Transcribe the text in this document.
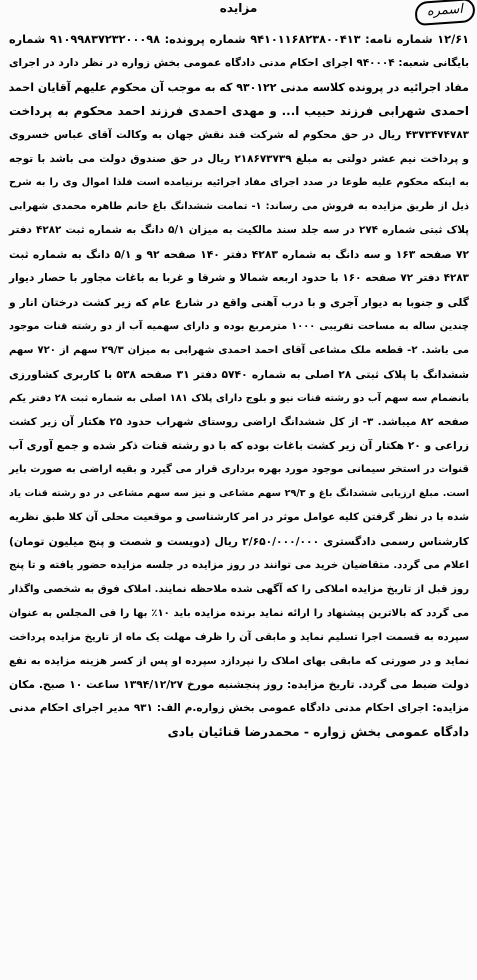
مزایده	اسمره
۱۲/۶۱ شماره نامه: ۹۴۱۰۱۱۶۸۲۳۸۰۰۴۱۳ شماره پرونده: ۹۱۰۹۹۸۳۷۲۳۲۰۰۰۹۸ شماره
بایگانی شعبه: ۹۴۰۰۰۴ اجرای احکام مدنی دادگاه عمومی بخش زواره در نظر دارد در اجرای
مفاد اجرائیه در پرونده کلاسه مدنی ۹۳۰۱۲۲ که به موجب آن محکوم علیهم آقایان احمد
احمدی شهرابی فرزند حبیب ا... و مهدی احمدی فرزند احمد محکوم به پرداخت
۴۳۷۳۴۷۴۷۸۳ ریال در حق محکوم له شرکت قند نقش جهان به وکالت آقای عباس خسروی
و پرداخت نیم عشر دولتی به مبلغ ۲۱۸۶۷۳۷۳۹ ریال در حق صندوق دولت می باشد با توجه
به اینکه محکوم علیه طوعا در صدد اجرای مفاد اجرائیه برنیامده است فلذا اموال وی را به شرح
ذیل از طریق مزایده به فروش می رساند: ۱- تمامت ششدانگ باغ خانم طاهره محمدی شهرابی
پلاک ثبتی شماره ۲۷۴ در سه جلد سند مالکیت به میزان ۵/۱ دانگ به شماره ثبت ۴۲۸۲ دفتر
۷۲ صفحه ۱۶۳ و سه دانگ به شماره ۴۲۸۳ دفتر ۱۴۰ صفحه ۹۲ و ۵/۱ دانگ به شماره ثبت
۴۲۸۳ دفتر ۷۲ صفحه ۱۶۰ با حدود اربعه شمالا و شرقا و غربا به باغات مجاور با حصار دیوار
گلی و جنوبا به دیوار آجری و با درب آهنی واقع در شارع عام که زیر کشت درختان انار و
چندین ساله به مساحت تقریبی ۱۰۰۰ مترمربع بوده و دارای سهمیه آب از دو رشته قنات موجود
می باشد. ۲- قطعه ملک مشاعی آقای احمد احمدی شهرابی به میزان ۲۹/۳ سهم از ۷۲۰ سهم
ششدانگ با پلاک ثبتی ۲۸ اصلی به شماره ۵۷۴۰ دفتر ۳۱ صفحه ۵۳۸ با کاربری کشاورزی
بانضمام سه سهم آب دو رشته قنات نیو و بلوج دارای پلاک ۱۸۱ اصلی به شماره ثبت ۲۸ دفتر یکم
صفحه ۸۲ میباشد. ۳- از کل ششدانگ اراضی روستای شهراب حدود ۲۵ هکتار آن زیر کشت
زراعی و ۲۰ هکتار آن زیر کشت باغات بوده که با دو رشته قنات ذکر شده و جمع آوری آب
قنوات در استخر سیمانی موجود مورد بهره برداری قرار می گیرد و بقیه اراضی به صورت بایر
است. مبلغ ارزیابی ششدانگ باغ و ۲۹/۳ سهم مشاعی و نیز سه سهم مشاعی در دو رشته قنات یاد
شده با در نظر گرفتن کلیه عوامل موثر در امر کارشناسی و موقعیت محلی آن کلا طبق نظریه
کارشناس رسمی دادگستری ۲/۶۵۰/۰۰۰/۰۰۰ ریال (دویست و شصت و پنج میلیون تومان)
اعلام می گردد. متقاضیان خرید می توانند در روز مزایده در جلسه مزایده حضور یافته و تا پنج
روز قبل از تاریخ مزایده املاکی را که آگهی شده ملاحظه نمایند. املاک فوق به شخصی واگذار
می گردد که بالاترین پیشنهاد را ارائه نماید برنده مزایده باید ۱۰٪ بها را فی المجلس به عنوان
سپرده به قسمت اجرا تسلیم نماید و مابقی آن را ظرف مهلت یک ماه از تاریخ مزایده پرداخت
نماید و در صورتی که مابقی بهای املاک را نپردازد سپرده او پس از کسر هزینه مزایده به نفع
دولت ضبط می گردد. تاریخ مزایده: روز پنجشنبه مورخ ۱۳۹۴/۱۲/۲۷ ساعت ۱۰ صبح. مکان
مزایده: اجرای احکام مدنی دادگاه عمومی بخش زواره.م الف: ۹۳۱ مدیر اجرای احکام مدنی
دادگاه عمومی بخش زواره - محمدرضا قنائیان بادی
